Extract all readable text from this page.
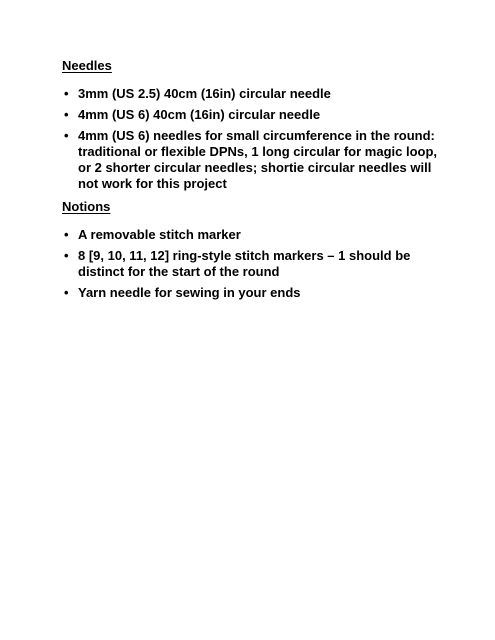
Needles
• 3mm (US 2.5) 40cm (16in) circular needle
• 4mm (US 6) 40cm (16in) circular needle
• 4mm (US 6) needles for small circumference in the round: traditional or flexible DPNs, 1 long circular for magic loop, or 2 shorter circular needles; shortie circular needles will not work for this project
Notions
• A removable stitch marker
• 8 [9, 10, 11, 12] ring-style stitch markers – 1 should be distinct for the start of the round
• Yarn needle for sewing in your ends
